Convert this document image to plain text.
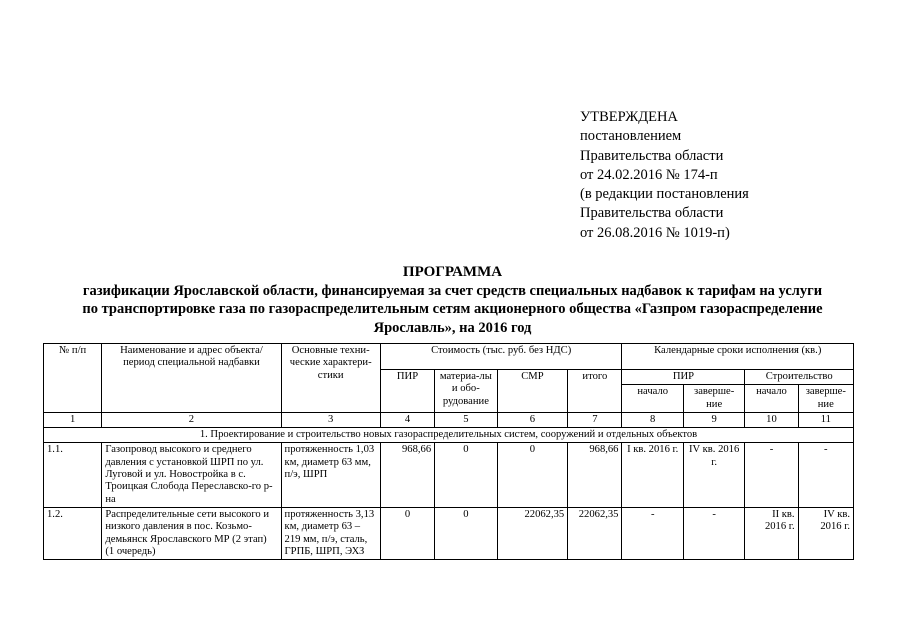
УТВЕРЖДЕНА
постановлением
Правительства области
от 24.02.2016 № 174-п
(в редакции постановления
Правительства области
от 26.08.2016 № 1019-п)
ПРОГРАММА
газификации Ярославской области, финансируемая за счет средств специальных надбавок к тарифам на услуги
по транспортировке газа по газораспределительным сетям акционерного общества «Газпром газораспределение
Ярославль», на 2016 год
№ п/п	Наименование и адрес объекта/ период специальной надбавки	Основные техни-ческие характери-стики	Стоимость (тыс. руб. без НДС)				Календарные сроки исполнения (кв.)			
			ПИР	материа-лы и обо-рудование	СМР	итого	ПИР		Строительство	
							начало	заверше-ние	начало	заверше-ние
1	2	3	4	5	6	7	8	9	10	11
1. Проектирование и строительство новых газораспределительных систем, сооружений и отдельных объектов										
1.1.	Газопровод высокого и среднего давления с установкой ШРП по ул. Луговой и ул. Новостройка в с. Троицкая Слобода Переславско-го р-на	протяженность 1,03 км, диаметр 63 мм, п/э, ШРП	968,66	0	0	968,66	I кв. 2016 г.	IV кв. 2016 г.	-	-
1.2.	Распределительные сети высокого и низкого давления в пос. Козьмо-демьянск Ярославского МР (2 этап) (1 очередь)	протяженность 3,13 км, диаметр 63 – 219 мм, п/э, сталь, ГРПБ, ШРП, ЭХЗ	0	0	22062,35	22062,35	-	-	II кв. 2016 г.	IV кв. 2016 г.
